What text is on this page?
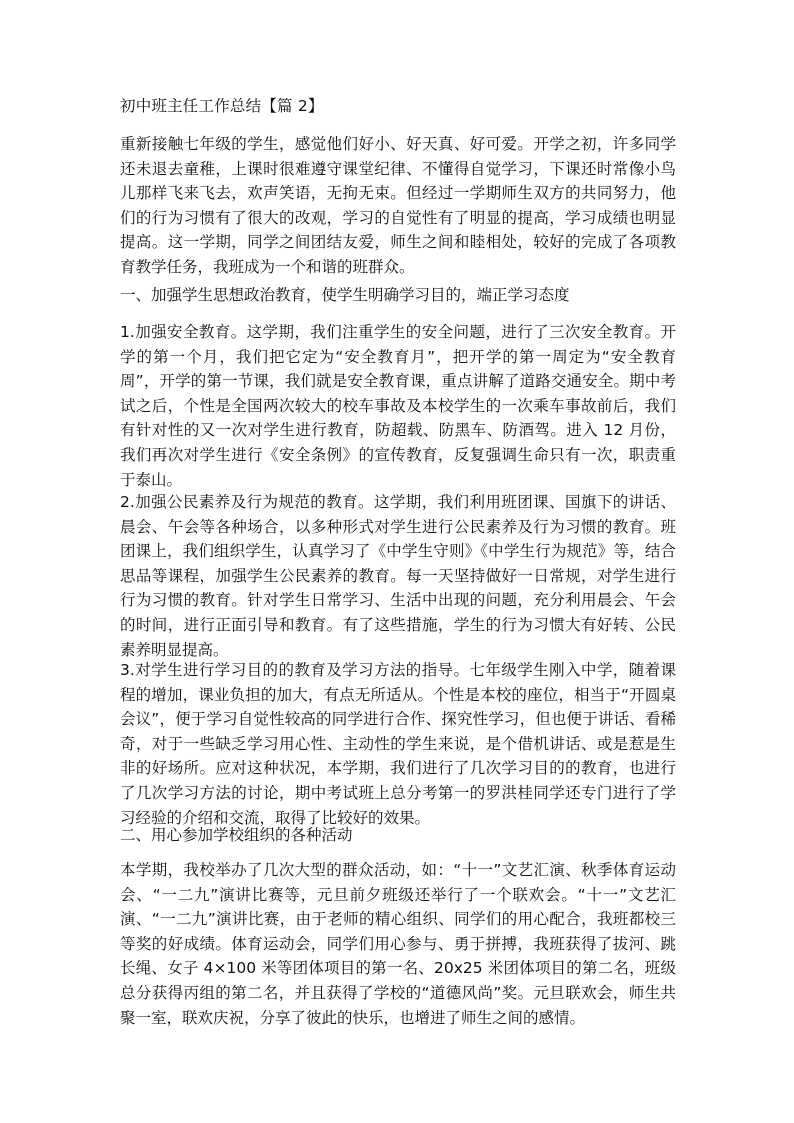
初中班主任工作总结【篇 2】

重新接触七年级的学生，感觉他们好小、好天真、好可爱。开学之初，许多同学还未退去童稚，上课时很难遵守课堂纪律、不懂得自觉学习，下课还时常像小鸟儿那样飞来飞去，欢声笑语，无拘无束。但经过一学期师生双方的共同努力，他们的行为习惯有了很大的改观，学习的自觉性有了明显的提高，学习成绩也明显提高。这一学期，同学之间团结友爱，师生之间和睦相处，较好的完成了各项教育教学任务，我班成为一个和谐的班群众。

一、加强学生思想政治教育，使学生明确学习目的，端正学习态度

1.加强安全教育。这学期，我们注重学生的安全问题，进行了三次安全教育。开学的第一个月，我们把它定为“安全教育月”，把开学的第一周定为“安全教育周”，开学的第一节课，我们就是安全教育课，重点讲解了道路交通安全。期中考试之后，个性是全国两次较大的校车事故及本校学生的一次乘车事故前后，我们有针对性的又一次对学生进行教育，防超载、防黑车、防酒驾。进入 12 月份，我们再次对学生进行《安全条例》的宣传教育，反复强调生命只有一次，职责重于泰山。

2.加强公民素养及行为规范的教育。这学期，我们利用班团课、国旗下的讲话、晨会、午会等各种场合，以多种形式对学生进行公民素养及行为习惯的教育。班团课上，我们组织学生，认真学习了《中学生守则》《中学生行为规范》等，结合思品等课程，加强学生公民素养的教育。每一天坚持做好一日常规，对学生进行行为习惯的教育。针对学生日常学习、生活中出现的问题，充分利用晨会、午会的时间，进行正面引导和教育。有了这些措施，学生的行为习惯大有好转、公民素养明显提高。

3.对学生进行学习目的的教育及学习方法的指导。七年级学生刚入中学，随着课程的增加，课业负担的加大，有点无所适从。个性是本校的座位，相当于“开圆桌会议”，便于学习自觉性较高的同学进行合作、探究性学习，但也便于讲话、看稀奇，对于一些缺乏学习用心性、主动性的学生来说，是个借机讲话、或是惹是生非的好场所。应对这种状况，本学期，我们进行了几次学习目的的教育，也进行了几次学习方法的讨论，期中考试班上总分考第一的罗洪桂同学还专门进行了学习经验的介绍和交流，取得了比较好的效果。

二、用心参加学校组织的各种活动

本学期，我校举办了几次大型的群众活动，如：“十一”文艺汇演、秋季体育运动会、“一二九”演讲比赛等，元旦前夕班级还举行了一个联欢会。“十一”文艺汇演、“一二九”演讲比赛，由于老师的精心组织、同学们的用心配合，我班都校三等奖的好成绩。体育运动会，同学们用心参与、勇于拼搏，我班获得了拔河、跳长绳、女子 4×100 米等团体项目的第一名、20x25 米团体项目的第二名，班级总分获得丙组的第二名，并且获得了学校的“道德风尚”奖。元旦联欢会，师生共聚一室，联欢庆祝，分享了彼此的快乐，也增进了师生之间的感情。
